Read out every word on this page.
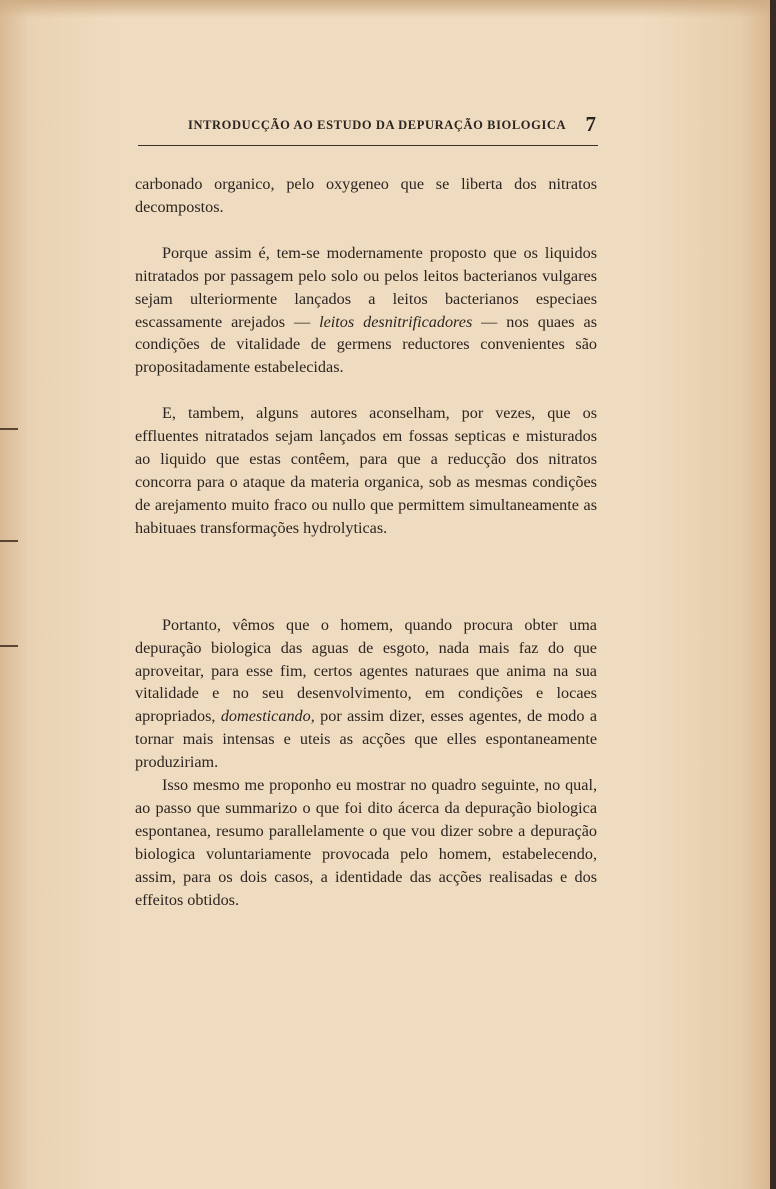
INTRODUCÇÃO AO ESTUDO DA DEPURAÇÃO BIOLOGICA 7

carbonado organico, pelo oxygeneo que se liberta dos nitratos decompostos.

Porque assim é, tem-se modernamente proposto que os liquidos nitratados por passagem pelo solo ou pelos leitos bacterianos vulgares sejam ulteriormente lançados a leitos bacterianos especiaes escassamente arejados — leitos desnitrificadores — nos quaes as condições de vitalidade de germens reductores convenientes são propositadamente estabelecidas.

E, tambem, alguns autores aconselham, por vezes, que os effluentes nitratados sejam lançados em fossas septicas e misturados ao liquido que estas contêem, para que a reducção dos nitratos concorra para o ataque da materia organica, sob as mesmas condições de arejamento muito fraco ou nullo que permittem simultaneamente as habituaes transformações hydrolyticas.

Portanto, vêmos que o homem, quando procura obter uma depuração biologica das aguas de esgoto, nada mais faz do que aproveitar, para esse fim, certos agentes naturaes que anima na sua vitalidade e no seu desenvolvimento, em condições e locaes apropriados, domesticando, por assim dizer, esses agentes, de modo a tornar mais intensas e uteis as acções que elles espontaneamente produziriam.

Isso mesmo me proponho eu mostrar no quadro seguinte, no qual, ao passo que summarizo o que foi dito ácerca da depuração biologica espontanea, resumo parallelamente o que vou dizer sobre a depuração biologica voluntariamente provocada pelo homem, estabelecendo, assim, para os dois casos, a identidade das acções realisadas e dos effeitos obtidos.
